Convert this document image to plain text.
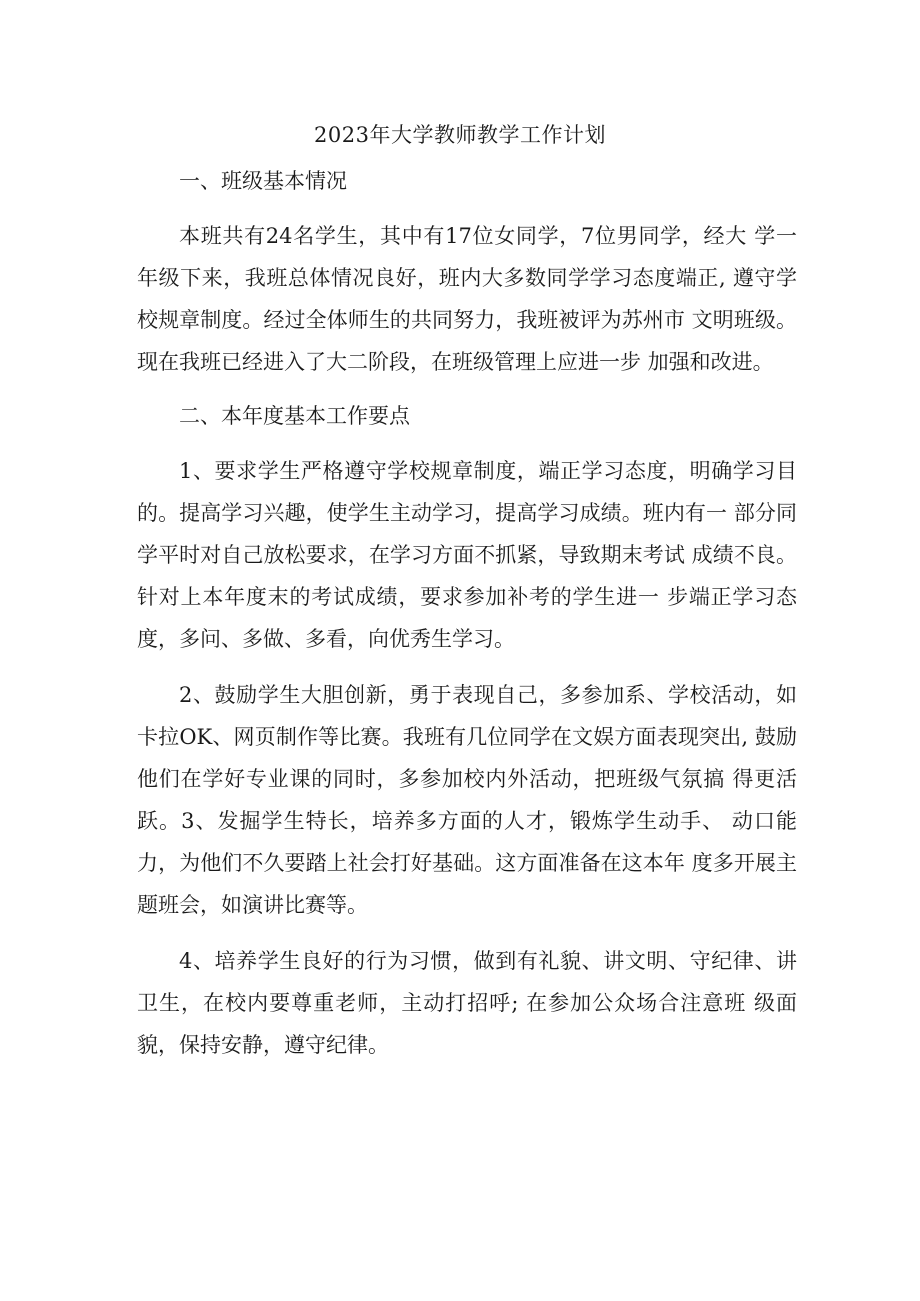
2023年大学教师教学工作计划

一、班级基本情况

本班共有24名学生，其中有17位女同学，7位男同学，经大 学一年级下来，我班总体情况良好，班内大多数同学学习态度端正, 遵守学校规章制度。经过全体师生的共同努力，我班被评为苏州市 文明班级。现在我班已经进入了大二阶段，在班级管理上应进一步 加强和改进。

二、本年度基本工作要点

1、要求学生严格遵守学校规章制度，端正学习态度，明确学习目的。提高学习兴趣，使学生主动学习，提高学习成绩。班内有一 部分同学平时对自己放松要求，在学习方面不抓紧，导致期末考试 成绩不良。针对上本年度末的考试成绩，要求参加补考的学生进一 步端正学习态度，多问、多做、多看，向优秀生学习。

2、鼓励学生大胆创新，勇于表现自己，多参加系、学校活动，如卡拉OK、网页制作等比赛。我班有几位同学在文娱方面表现突出, 鼓励他们在学好专业课的同时，多参加校内外活动，把班级气氛搞 得更活跃。3、发掘学生特长，培养多方面的人才，锻炼学生动手、 动口能力，为他们不久要踏上社会打好基础。这方面准备在这本年 度多开展主题班会，如演讲比赛等。

4、培养学生良好的行为习惯，做到有礼貌、讲文明、守纪律、讲卫生，在校内要尊重老师，主动打招呼; 在参加公众场合注意班 级面貌，保持安静，遵守纪律。
